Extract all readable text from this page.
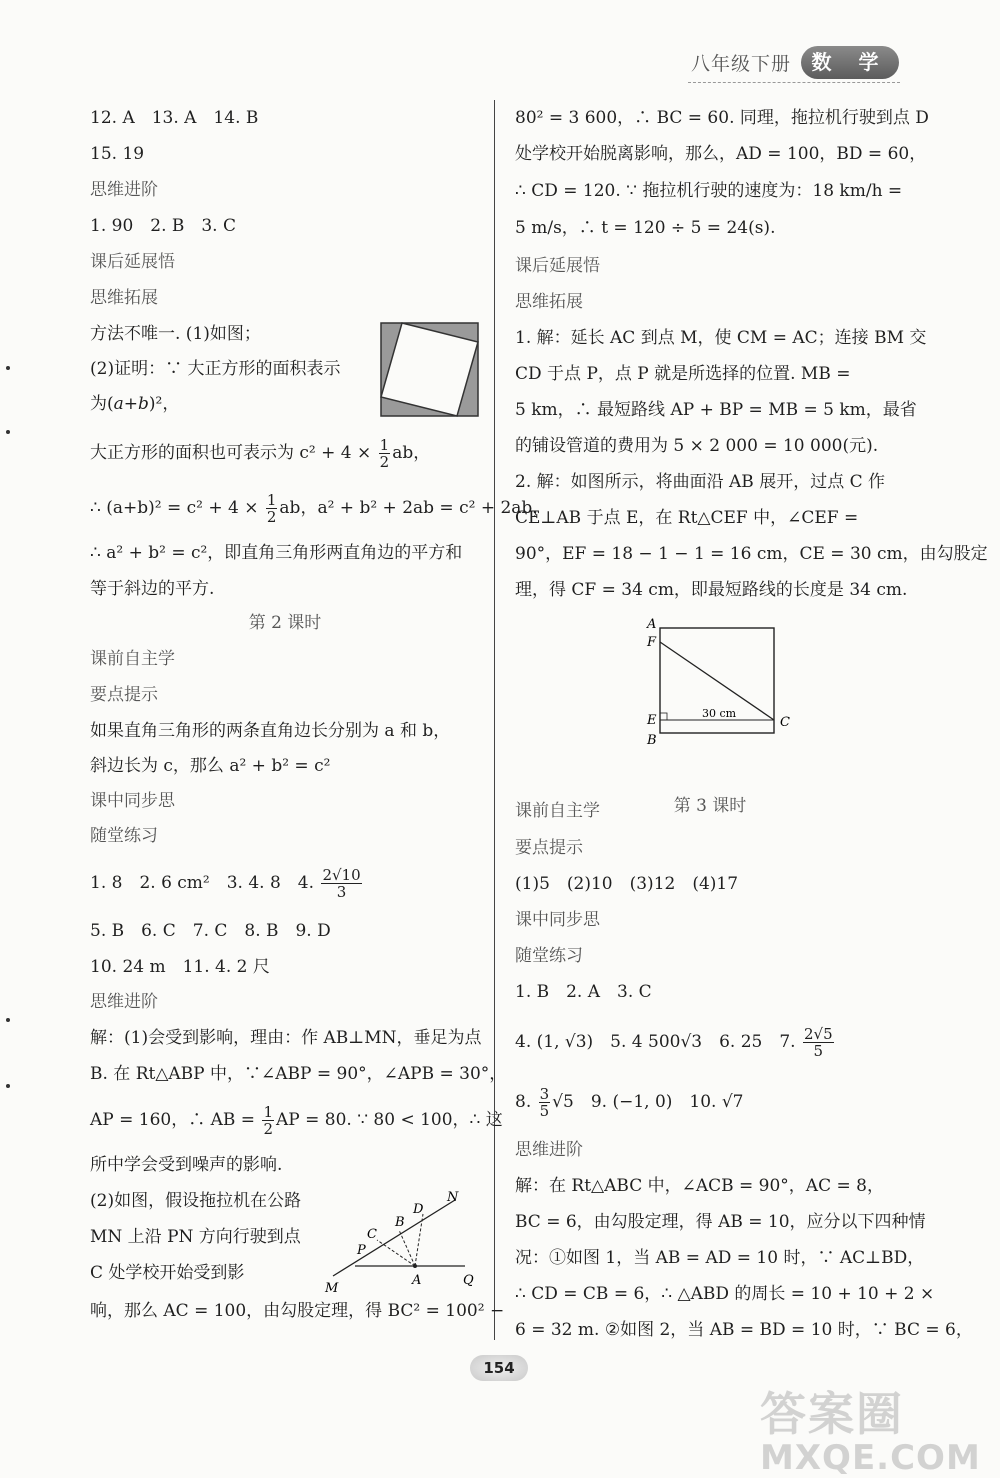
八年级下册	数 学
12. A　13. A　14. B
15. 19
思维进阶
1. 90　2. B　3. C
课后延展悟
思维拓展
方法不唯一. (1)如图；
(2)证明：∵ 大正方形的面积表示
为(a+b)²，
大正方形的面积也可表示为 $c^2 + 4 \times \frac{1}{2}$ ab，
∴ $(a+b)^2 = c^2 + 4 \times \frac{1}{2}$ ab，a² + b² + 2ab = c² + 2ab，
∴ a² + b² = c²，即直角三角形两直角边的平方和
等于斜边的平方.
第 2 课时
课前自主学
要点提示
如果直角三角形的两条直角边长分别为 a 和 b，
斜边长为 c，那么 a² + b² = c²
课中同步思
随堂练习
1. 8　2. 6 cm²　3. 4. 8　4. $\frac{2√10}{3}$
5. B　6. C　7. C　8. B　9. D
10. 24 m　11. 4. 2 尺
思维进阶
解：(1)会受到影响，理由：作 AB⊥MN，垂足为点
B. 在 Rt△ABP 中，∵∠ABP = 90°，∠APB = 30°，
AP = 160，∴ AB = $\frac{1}{2}$ AP = 80. ∵ 80 < 100，∴ 这
所中学会受到噪声的影响.
(2)如图，假设拖拉机在公路
MN 上沿 PN 方向行驶到点
C 处学校开始受到影
响，那么 AC = 100，由勾股定理，得 BC² = 100² −
N
D
B
C
P
A	Q
M
80² = 3 600，∴ BC = 60. 同理，拖拉机行驶到点 D
处学校开始脱离影响，那么，AD = 100，BD = 60，
∴ CD = 120. ∵ 拖拉机行驶的速度为：18 km/h =
5 m/s，∴ t = 120 ÷ 5 = 24(s).
课后延展悟
思维拓展
1. 解：延长 AC 到点 M，使 CM = AC；连接 BM 交
CD 于点 P，点 P 就是所选择的位置. MB =
5 km，∴ 最短路线 AP + BP = MB = 5 km，最省
的铺设管道的费用为 5 × 2 000 = 10 000(元).
2. 解：如图所示，将曲面沿 AB 展开，过点 C 作
CE⊥AB 于点 E，在 Rt△CEF 中，∠CEF =
90°，EF = 18 − 1 − 1 = 16 cm，CE = 30 cm，由勾股定
理，得 CF = 34 cm，即最短路线的长度是 34 cm.
A
F
E
B
C
30 cm
第 3 课时
课前自主学
要点提示
(1)5　(2)10　(3)12　(4)17
课中同步思
随堂练习
1. B　2. A　3. C
4. (1, √3)　5. 4 500√3　6. 25　7. $\frac{2√5}{5}$
8. $\frac{3}{5} √5$　9. (−1, 0)　10. √7
思维进阶
解：在 Rt△ABC 中，∠ACB = 90°，AC = 8，
BC = 6，由勾股定理，得 AB = 10，应分以下四种情
况：①如图 1，当 AB = AD = 10 时，∵ AC⊥BD，
∴ CD = CB = 6，∴ △ABD 的周长 = 10 + 10 + 2 ×
6 = 32 m. ②如图 2，当 AB = BD = 10 时，∵ BC = 6，
154
答案圈
MXQE.COM
